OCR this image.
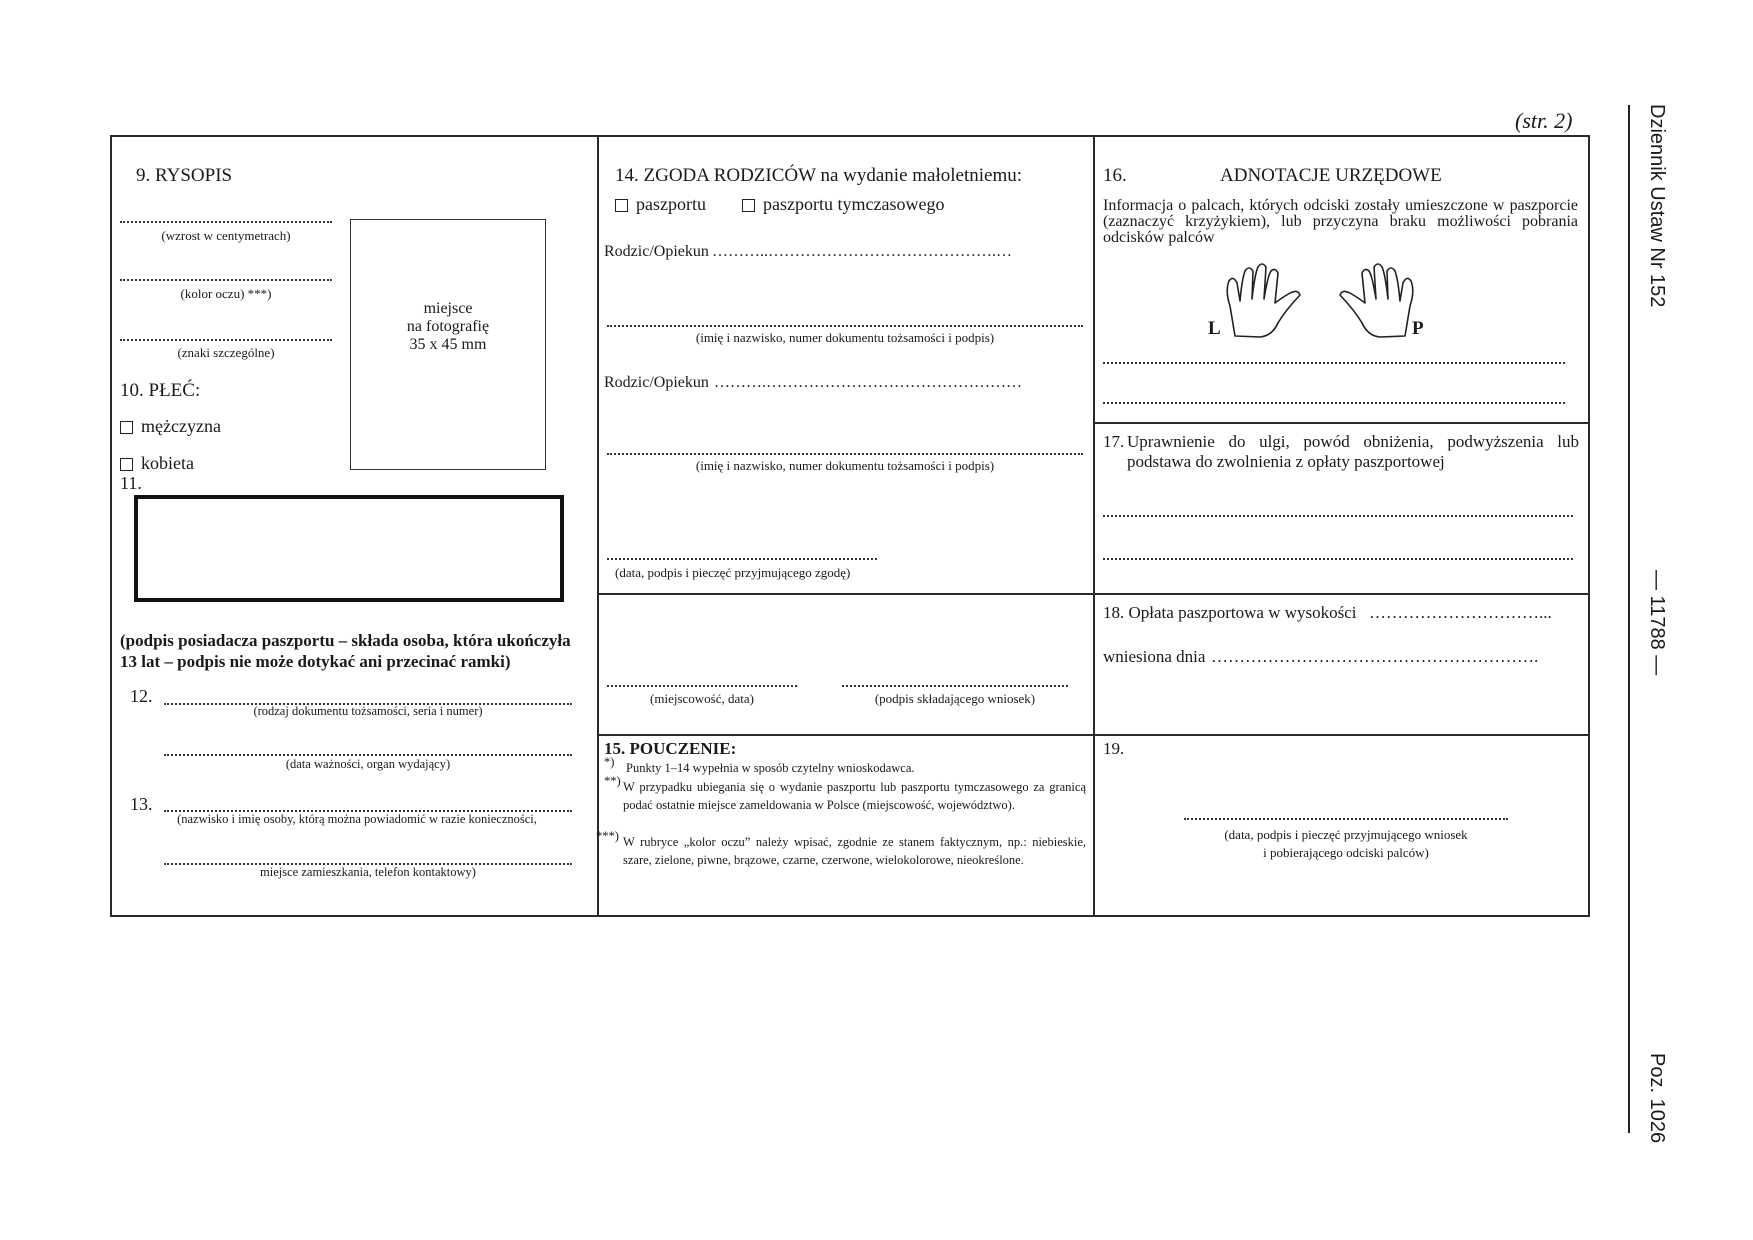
(str. 2)
9. RYSOPIS
(wzrost w centymetrach)
(kolor oczu) ***)
(znaki szczególne)
miejsce
na fotografię
35 x 45 mm
10. PŁEĆ:
mężczyzna
kobieta
11.
(podpis posiadacza paszportu – składa osoba, która ukończyła
13 lat – podpis nie może dotykać ani przecinać ramki)
12.
(rodzaj dokumentu tożsamości, seria i numer)
(data ważności, organ wydający)
13.
(nazwisko i imię osoby, którą można powiadomić w razie konieczności,
miejsce zamieszkania, telefon kontaktowy)
14. ZGODA RODZICÓW na wydanie małoletniemu:
paszportu	paszportu tymczasowego
Rodzic/Opiekun ………..…………………………………….…
(imię i nazwisko, numer dokumentu tożsamości i podpis)
Rodzic/Opiekun ……….…………………………………………
(imię i nazwisko, numer dokumentu tożsamości i podpis)
(data, podpis i pieczęć przyjmującego zgodę)
(miejscowość, data)	(podpis składającego wniosek)
15. POUCZENIE:
*) Punkty 1–14 wypełnia w sposób czytelny wnioskodawca.
**) W przypadku ubiegania się o wydanie paszportu lub paszportu tymczasowego za granicą podać ostatnie miejsce zameldowania w Polsce (miejscowość, województwo).
***) W rubryce „kolor oczu” należy wpisać, zgodnie ze stanem faktycznym, np.: niebieskie, szare, zielone, piwne, brązowe, czarne, czerwone, wielokolorowe, nieokreślone.
16.	ADNOTACJE URZĘDOWE
Informacja o palcach, których odciski zostały umieszczone w paszporcie (zaznaczyć krzyżykiem), lub przyczyna braku możliwości pobrania odcisków palców
L	P
17. Uprawnienie do ulgi, powód obniżenia, podwyższenia lub podstawa do zwolnienia z opłaty paszportowej
18. Opłata paszportowa w wysokości …………………………...
wniesiona dnia ………………………………………………….
19.
(data, podpis i pieczęć przyjmującego wniosek
i pobierającego odciski palców)
Dziennik Ustaw Nr 152
— 11788 —
Poz. 1026
